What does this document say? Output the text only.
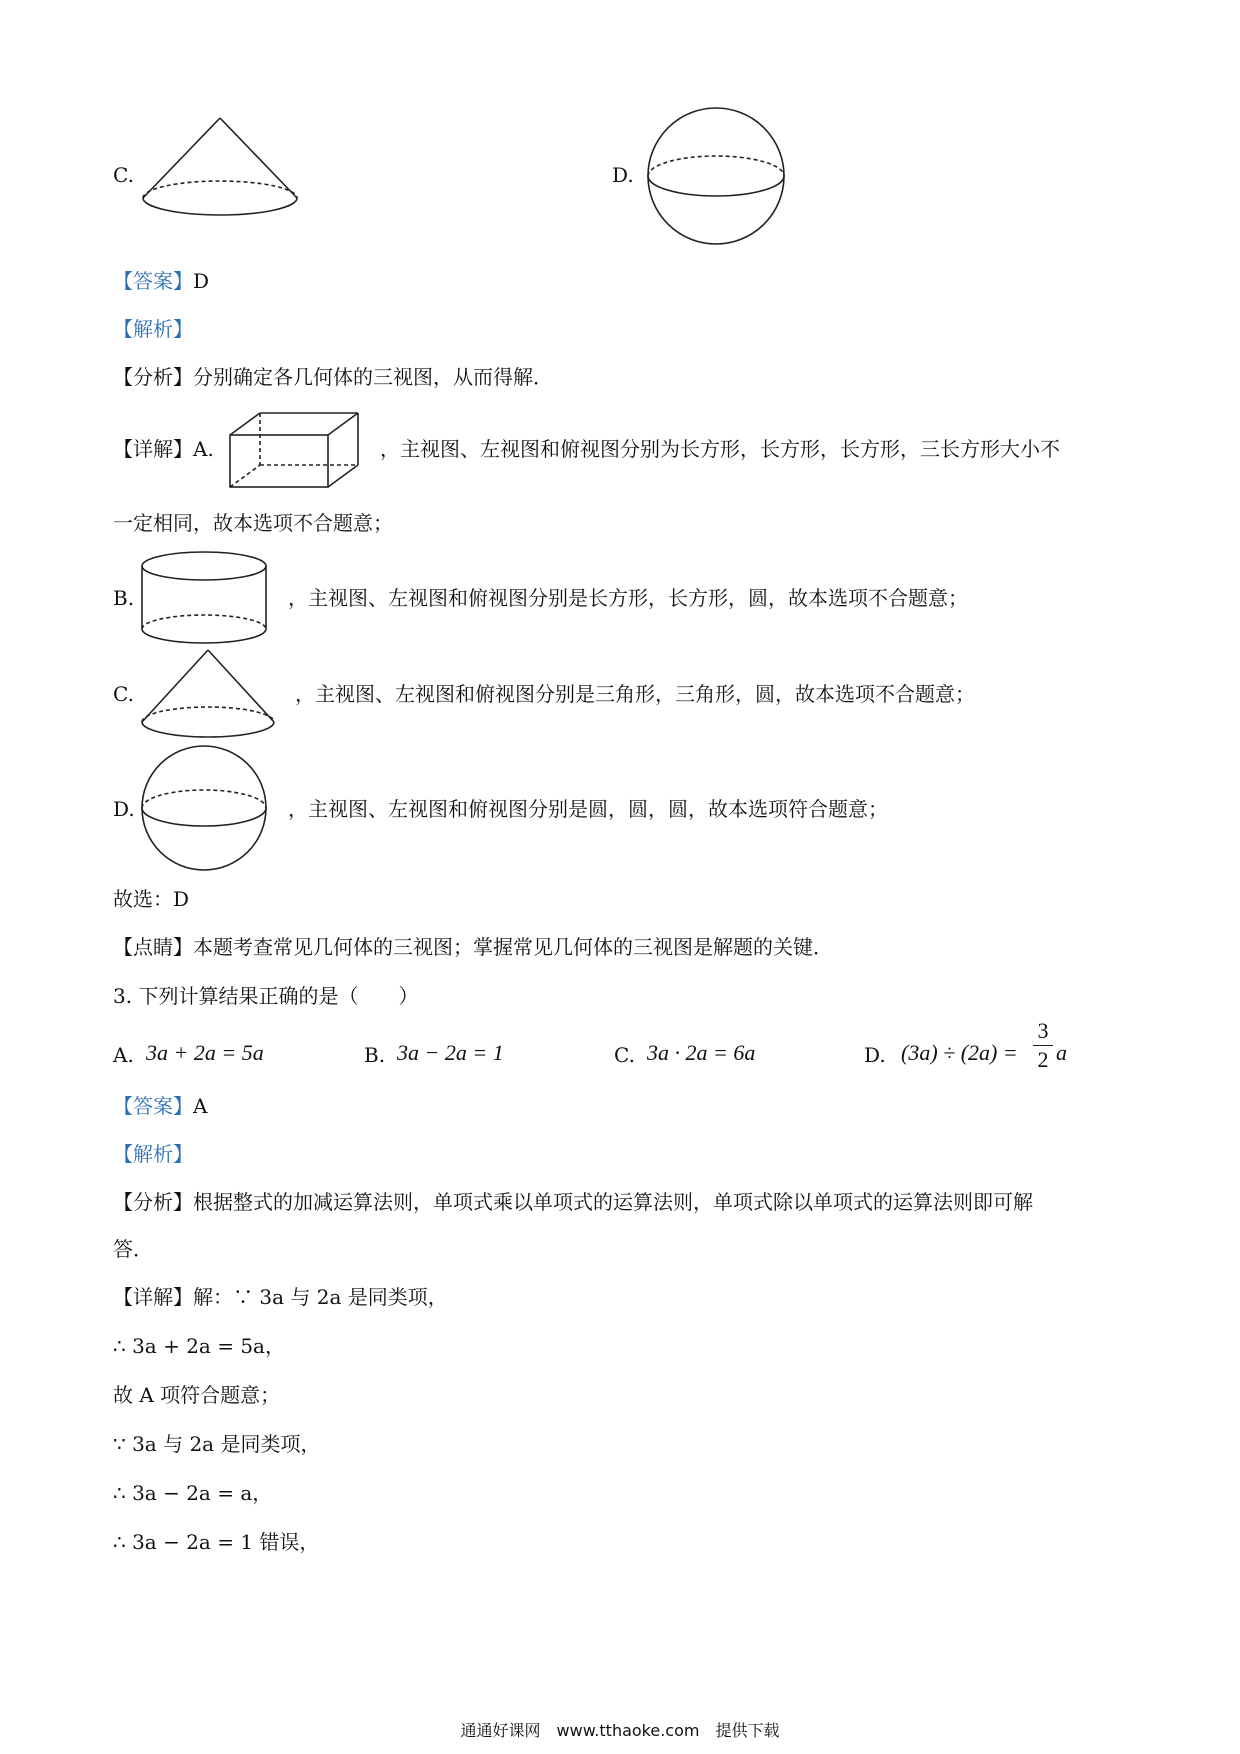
C.	D.
【答案】D
【解析】
【分析】分别确定各几何体的三视图，从而得解．
【详解】A.	，主视图、左视图和俯视图分别为长方形，长方形，长方形，三长方形大小不
一定相同，故本选项不合题意；
B.	，主视图、左视图和俯视图分别是长方形，长方形，圆，故本选项不合题意；
C.	，主视图、左视图和俯视图分别是三角形，三角形，圆，故本选项不合题意；
D.	，主视图、左视图和俯视图分别是圆，圆，圆，故本选项符合题意；
故选：D
【点睛】本题考查常见几何体的三视图；掌握常见几何体的三视图是解题的关键．
3. 下列计算结果正确的是（　　）
A. 3a + 2a = 5a	B. 3a − 2a = 1	C. 3a · 2a = 6a	D. (3a) ÷ (2a) =
3
2 a
【答案】A
【解析】
【分析】根据整式的加减运算法则，单项式乘以单项式的运算法则，单项式除以单项式的运算法则即可解
答．
【详解】解：∵ 3a 与 2a 是同类项，
∴ 3a + 2a = 5a，
故 A 项符合题意；
∵ 3a 与 2a 是同类项，
∴ 3a − 2a = a，
∴ 3a − 2a = 1 错误，
通通好课网　www.tthaoke.com　提供下载
